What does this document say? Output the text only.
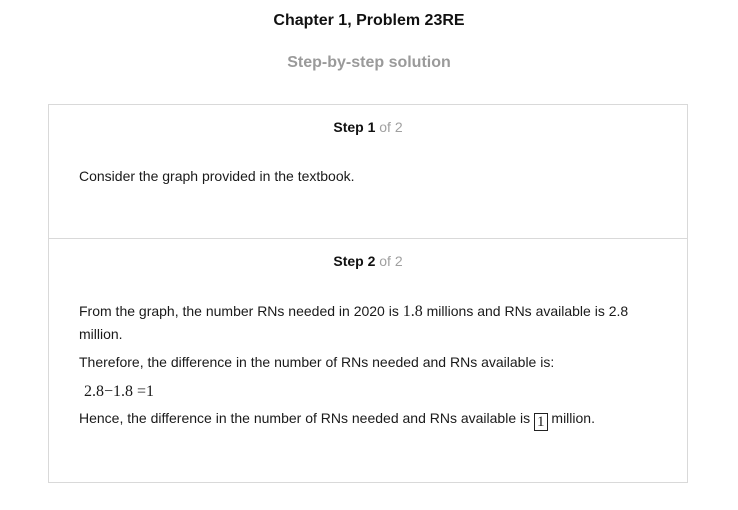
Chapter 1, Problem 23RE
Step-by-step solution
Step 1 of 2
Consider the graph provided in the textbook.
Step 2 of 2
From the graph, the number RNs needed in 2020 is 1.8 millions and RNs available is 2.8 million.
Therefore, the difference in the number of RNs needed and RNs available is:
2.8−1.8 =1
Hence, the difference in the number of RNs needed and RNs available is 1 million.
